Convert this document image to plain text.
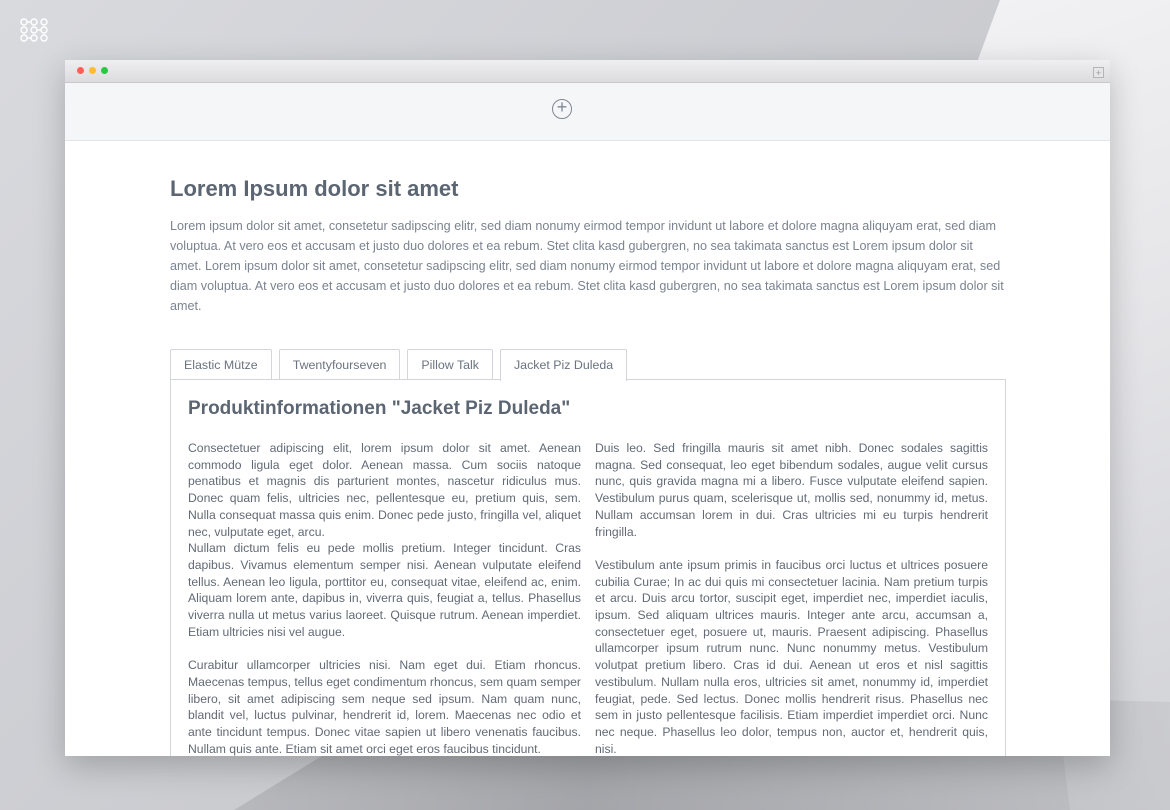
+
+
Lorem Ipsum dolor sit amet
Lorem ipsum dolor sit amet, consetetur sadipscing elitr, sed diam nonumy eirmod tempor invidunt ut labore et dolore magna aliquyam erat, sed diam voluptua. At vero eos et accusam et justo duo dolores et ea rebum. Stet clita kasd gubergren, no sea takimata sanctus est Lorem ipsum dolor sit amet. Lorem ipsum dolor sit amet, consetetur sadipscing elitr, sed diam nonumy eirmod tempor invidunt ut labore et dolore magna aliquyam erat, sed diam voluptua. At vero eos et accusam et justo duo dolores et ea rebum. Stet clita kasd gubergren, no sea takimata sanctus est Lorem ipsum dolor sit amet.
Elastic Mütze	Twentyfourseven	Pillow Talk	Jacket Piz Duleda
Produktinformationen "Jacket Piz Duleda"

Consectetuer adipiscing elit, lorem ipsum dolor sit amet. Aenean commodo ligula eget dolor. Aenean massa. Cum sociis natoque penatibus et magnis dis parturient montes, nascetur ridiculus mus. Donec quam felis, ultricies nec, pellentesque eu, pretium quis, sem. Nulla consequat massa quis enim. Donec pede justo, fringilla vel, aliquet nec, vulputate eget, arcu.

Nullam dictum felis eu pede mollis pretium. Integer tincidunt. Cras dapibus. Vivamus elementum semper nisi. Aenean vulputate eleifend tellus. Aenean leo ligula, porttitor eu, consequat vitae, eleifend ac, enim. Aliquam lorem ante, dapibus in, viverra quis, feugiat a, tellus. Phasellus viverra nulla ut metus varius laoreet. Quisque rutrum. Aenean imperdiet. Etiam ultricies nisi vel augue.

Curabitur ullamcorper ultricies nisi. Nam eget dui. Etiam rhoncus. Maecenas tempus, tellus eget condimentum rhoncus, sem quam semper libero, sit amet adipiscing sem neque sed ipsum. Nam quam nunc, blandit vel, luctus pulvinar, hendrerit id, lorem. Maecenas nec odio et ante tincidunt tempus. Donec vitae sapien ut libero venenatis faucibus. Nullam quis ante. Etiam sit amet orci eget eros faucibus tincidunt.

Duis leo. Sed fringilla mauris sit amet nibh. Donec sodales sagittis magna. Sed consequat, leo eget bibendum sodales, augue velit cursus nunc, quis gravida magna mi a libero. Fusce vulputate eleifend sapien. Vestibulum purus quam, scelerisque ut, mollis sed, nonummy id, metus. Nullam accumsan lorem in dui. Cras ultricies mi eu turpis hendrerit fringilla.

Vestibulum ante ipsum primis in faucibus orci luctus et ultrices posuere cubilia Curae; In ac dui quis mi consectetuer lacinia. Nam pretium turpis et arcu. Duis arcu tortor, suscipit eget, imperdiet nec, imperdiet iaculis, ipsum. Sed aliquam ultrices mauris. Integer ante arcu, accumsan a, consectetuer eget, posuere ut, mauris. Praesent adipiscing. Phasellus ullamcorper ipsum rutrum nunc. Nunc nonummy metus. Vestibulum volutpat pretium libero. Cras id dui. Aenean ut eros et nisl sagittis vestibulum. Nullam nulla eros, ultricies sit amet, nonummy id, imperdiet feugiat, pede. Sed lectus. Donec mollis hendrerit risus. Phasellus nec sem in justo pellentesque facilisis. Etiam imperdiet imperdiet orci. Nunc nec neque. Phasellus leo dolor, tempus non, auctor et, hendrerit quis, nisi.
